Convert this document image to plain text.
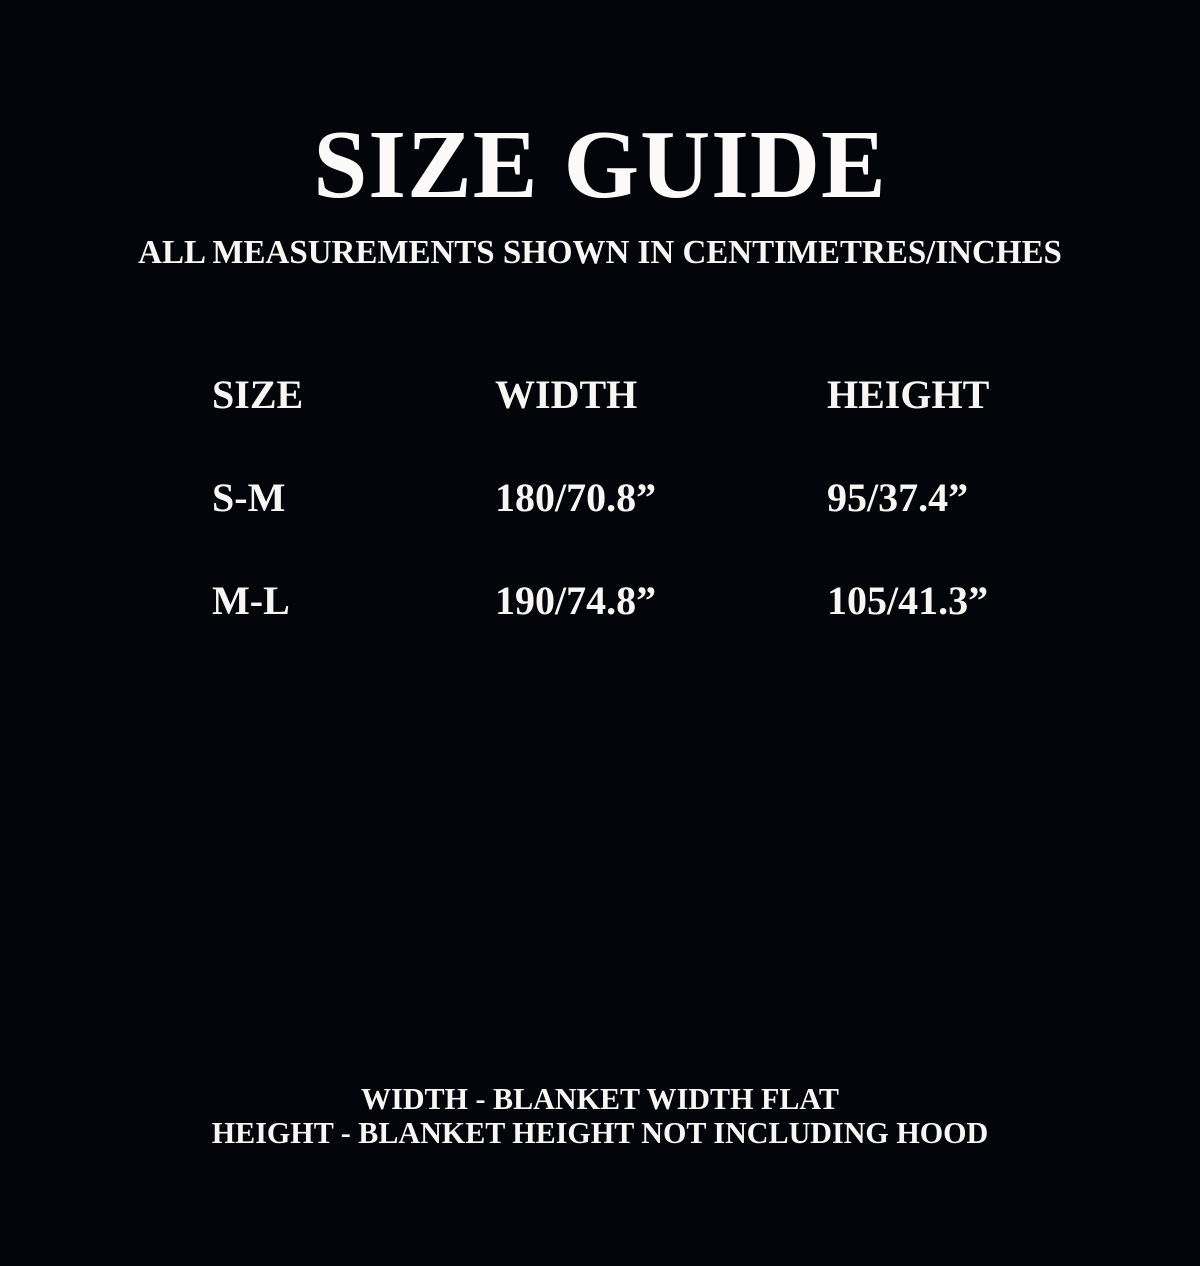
SIZE GUIDE
ALL MEASUREMENTS SHOWN IN CENTIMETRES/INCHES
SIZE	WIDTH	HEIGHT
S-M	180/70.8”	95/37.4”
M-L	190/74.8”	105/41.3”
WIDTH - BLANKET WIDTH FLAT
HEIGHT - BLANKET HEIGHT NOT INCLUDING HOOD
